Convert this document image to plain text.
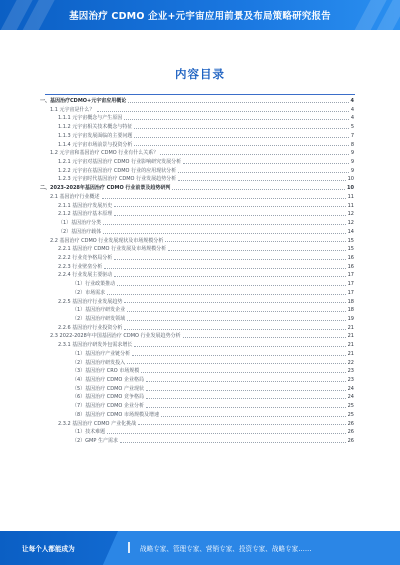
基因治疗 CDMO 企业+元宇宙应用前景及布局策略研究报告
内容目录
一、基因治疗CDMO+元宇宙应用概论	4
1.1 元宇宙是什么？	4
1.1.1 元宇宙概念与产生原因	4
1.1.2 元宇宙相关技术概念与特征	5
1.1.3 元宇宙发展面临的主要问题	7
1.1.4 元宇宙市场前景与投资分析	8
1.2 元宇宙和基因治疗 CDMO 行业有什么关系？	9
1.2.1 元宇宙对基因治疗 CDMO 行业影响研究发展分析	9
1.2.2 元宇宙在基因治疗 CDMO 行业的应用现状分析	9
1.2.3 元宇宙时代基因治疗 CDMO 行业发展趋势分析	10
二、2023-2028年基因治疗 CDMO 行业前景及趋势研判	10
2.1 基因治疗行业概述	11
2.1.1 基因治疗发展历史	11
2.1.2 基因治疗基本原理	12
（1）基因治疗分类	12
（2）基因治疗载体	14
2.2 基因治疗 CDMO 行业发展现状及市场规模分析	15
2.2.1 基因治疗 CDMO 行业发展及市场规模分析	15
2.2.2 行业竞争格局分析	16
2.2.3 行业壁垒分析	16
2.2.4 行业发展主要驱动	17
（1）行业政策推动	17
（2）市场需求	17
2.2.5 基因治疗行业发展趋势	18
（1）基因治疗研发企业	18
（2）基因治疗研发领域	19
2.2.6 基因治疗行业投资分析	21
2.3 2022-2028年中国基因治疗 CDMO 行业发展趋势分析	21
2.3.1 基因治疗研发外包需求增长	21
（1）基因治疗产业链分析	21
（2）基因治疗研发投入	22
（3）基因治疗 CRO 市场规模	23
（4）基因治疗 CDMO 企业格局	23
（5）基因治疗 CDMO 产业现状	24
（6）基因治疗 CDMO 竞争格局	24
（7）基因治疗 CDMO 企业分析	25
（8）基因治疗 CDMO 市场规模及增速	25
2.3.2 基因治疗 CDMO 产业化挑战	26
（1）技术难题	26
（2）GMP 生产需求	26
让每个人都能成为	战略专家、管理专家、营销专家、投资专家、战略专家……
